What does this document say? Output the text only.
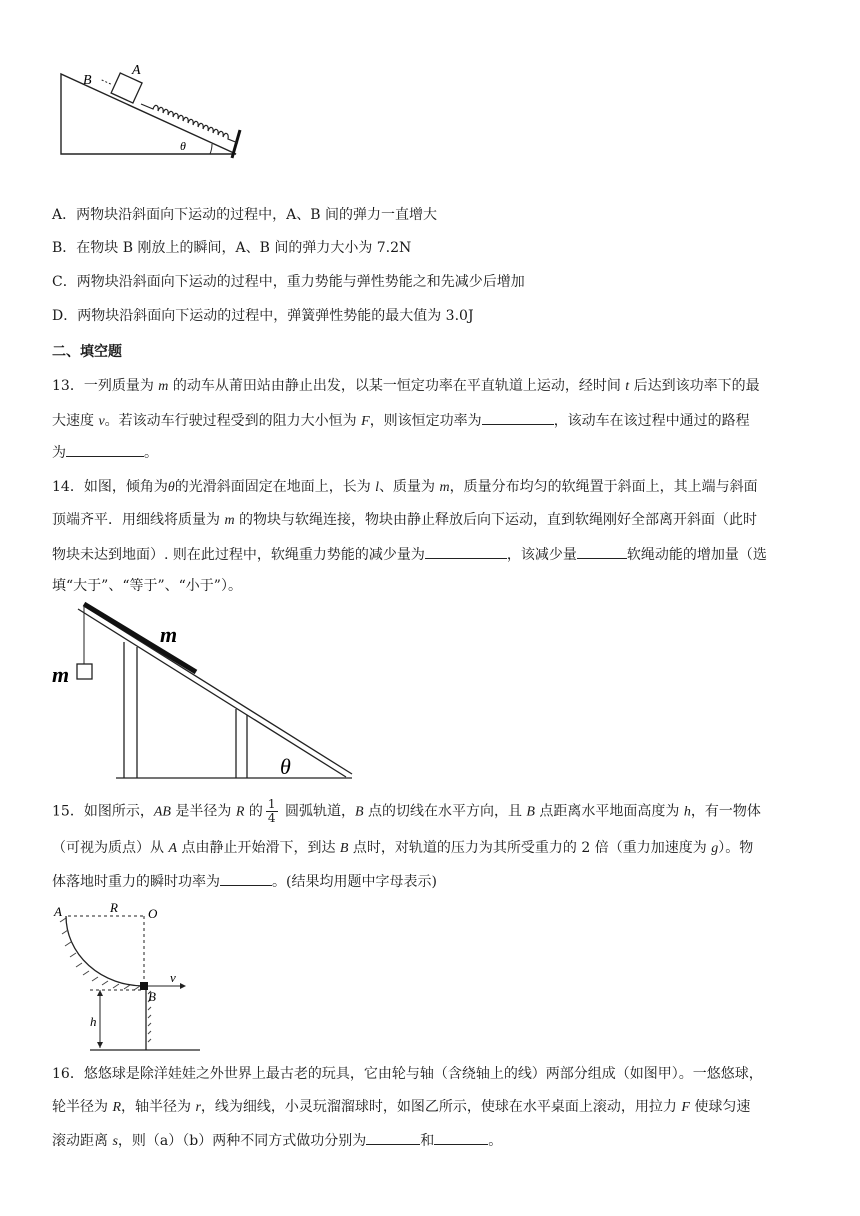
B
A
θ
A．两物块沿斜面向下运动的过程中，A、B 间的弹力一直增大
B．在物块 B 刚放上的瞬间，A、B 间的弹力大小为 7.2N
C．两物块沿斜面向下运动的过程中，重力势能与弹性势能之和先减少后增加
D．两物块沿斜面向下运动的过程中，弹簧弹性势能的最大值为 3.0J
二、填空题
13．一列质量为 m 的动车从莆田站由静止出发，以某一恒定功率在平直轨道上运动，经时间 t 后达到该功率下的最
大速度 v。若该动车行驶过程受到的阻力大小恒为 F，则该恒定功率为	，该动车在该过程中通过的路程
为	。
14．如图，倾角为θ的光滑斜面固定在地面上，长为 l、质量为 m，质量分布均匀的软绳置于斜面上，其上端与斜面
顶端齐平．用细线将质量为 m 的物块与软绳连接，物块由静止释放后向下运动，直到软绳刚好全部离开斜面（此时
物块未达到地面）. 则在此过程中，软绳重力势能的减少量为	，该减少量	软绳动能的增加量（选
填“大于”、“等于”、“小于”）。
m
m
θ
15．如图所示，AB 是半径为 R 的 $\frac{1}{4}$ 圆弧轨道，B 点的切线在水平方向，且 B 点距离水平地面高度为 h，有一物体
（可视为质点）从 A 点由静止开始滑下，到达 B 点时，对轨道的压力为其所受重力的 2 倍（重力加速度为 g）。物
体落地时重力的瞬时功率为	。(结果均用题中字母表示)
A	R O
v
B
h
16．悠悠球是除洋娃娃之外世界上最古老的玩具，它由轮与轴（含绕轴上的线）两部分组成（如图甲）。一悠悠球，
轮半径为 R，轴半径为 r，线为细线，小灵玩溜溜球时，如图乙所示，使球在水平桌面上滚动，用拉力 F 使球匀速
滚动距离 s，则（a）（b）两种不同方式做功分别为	和	。
